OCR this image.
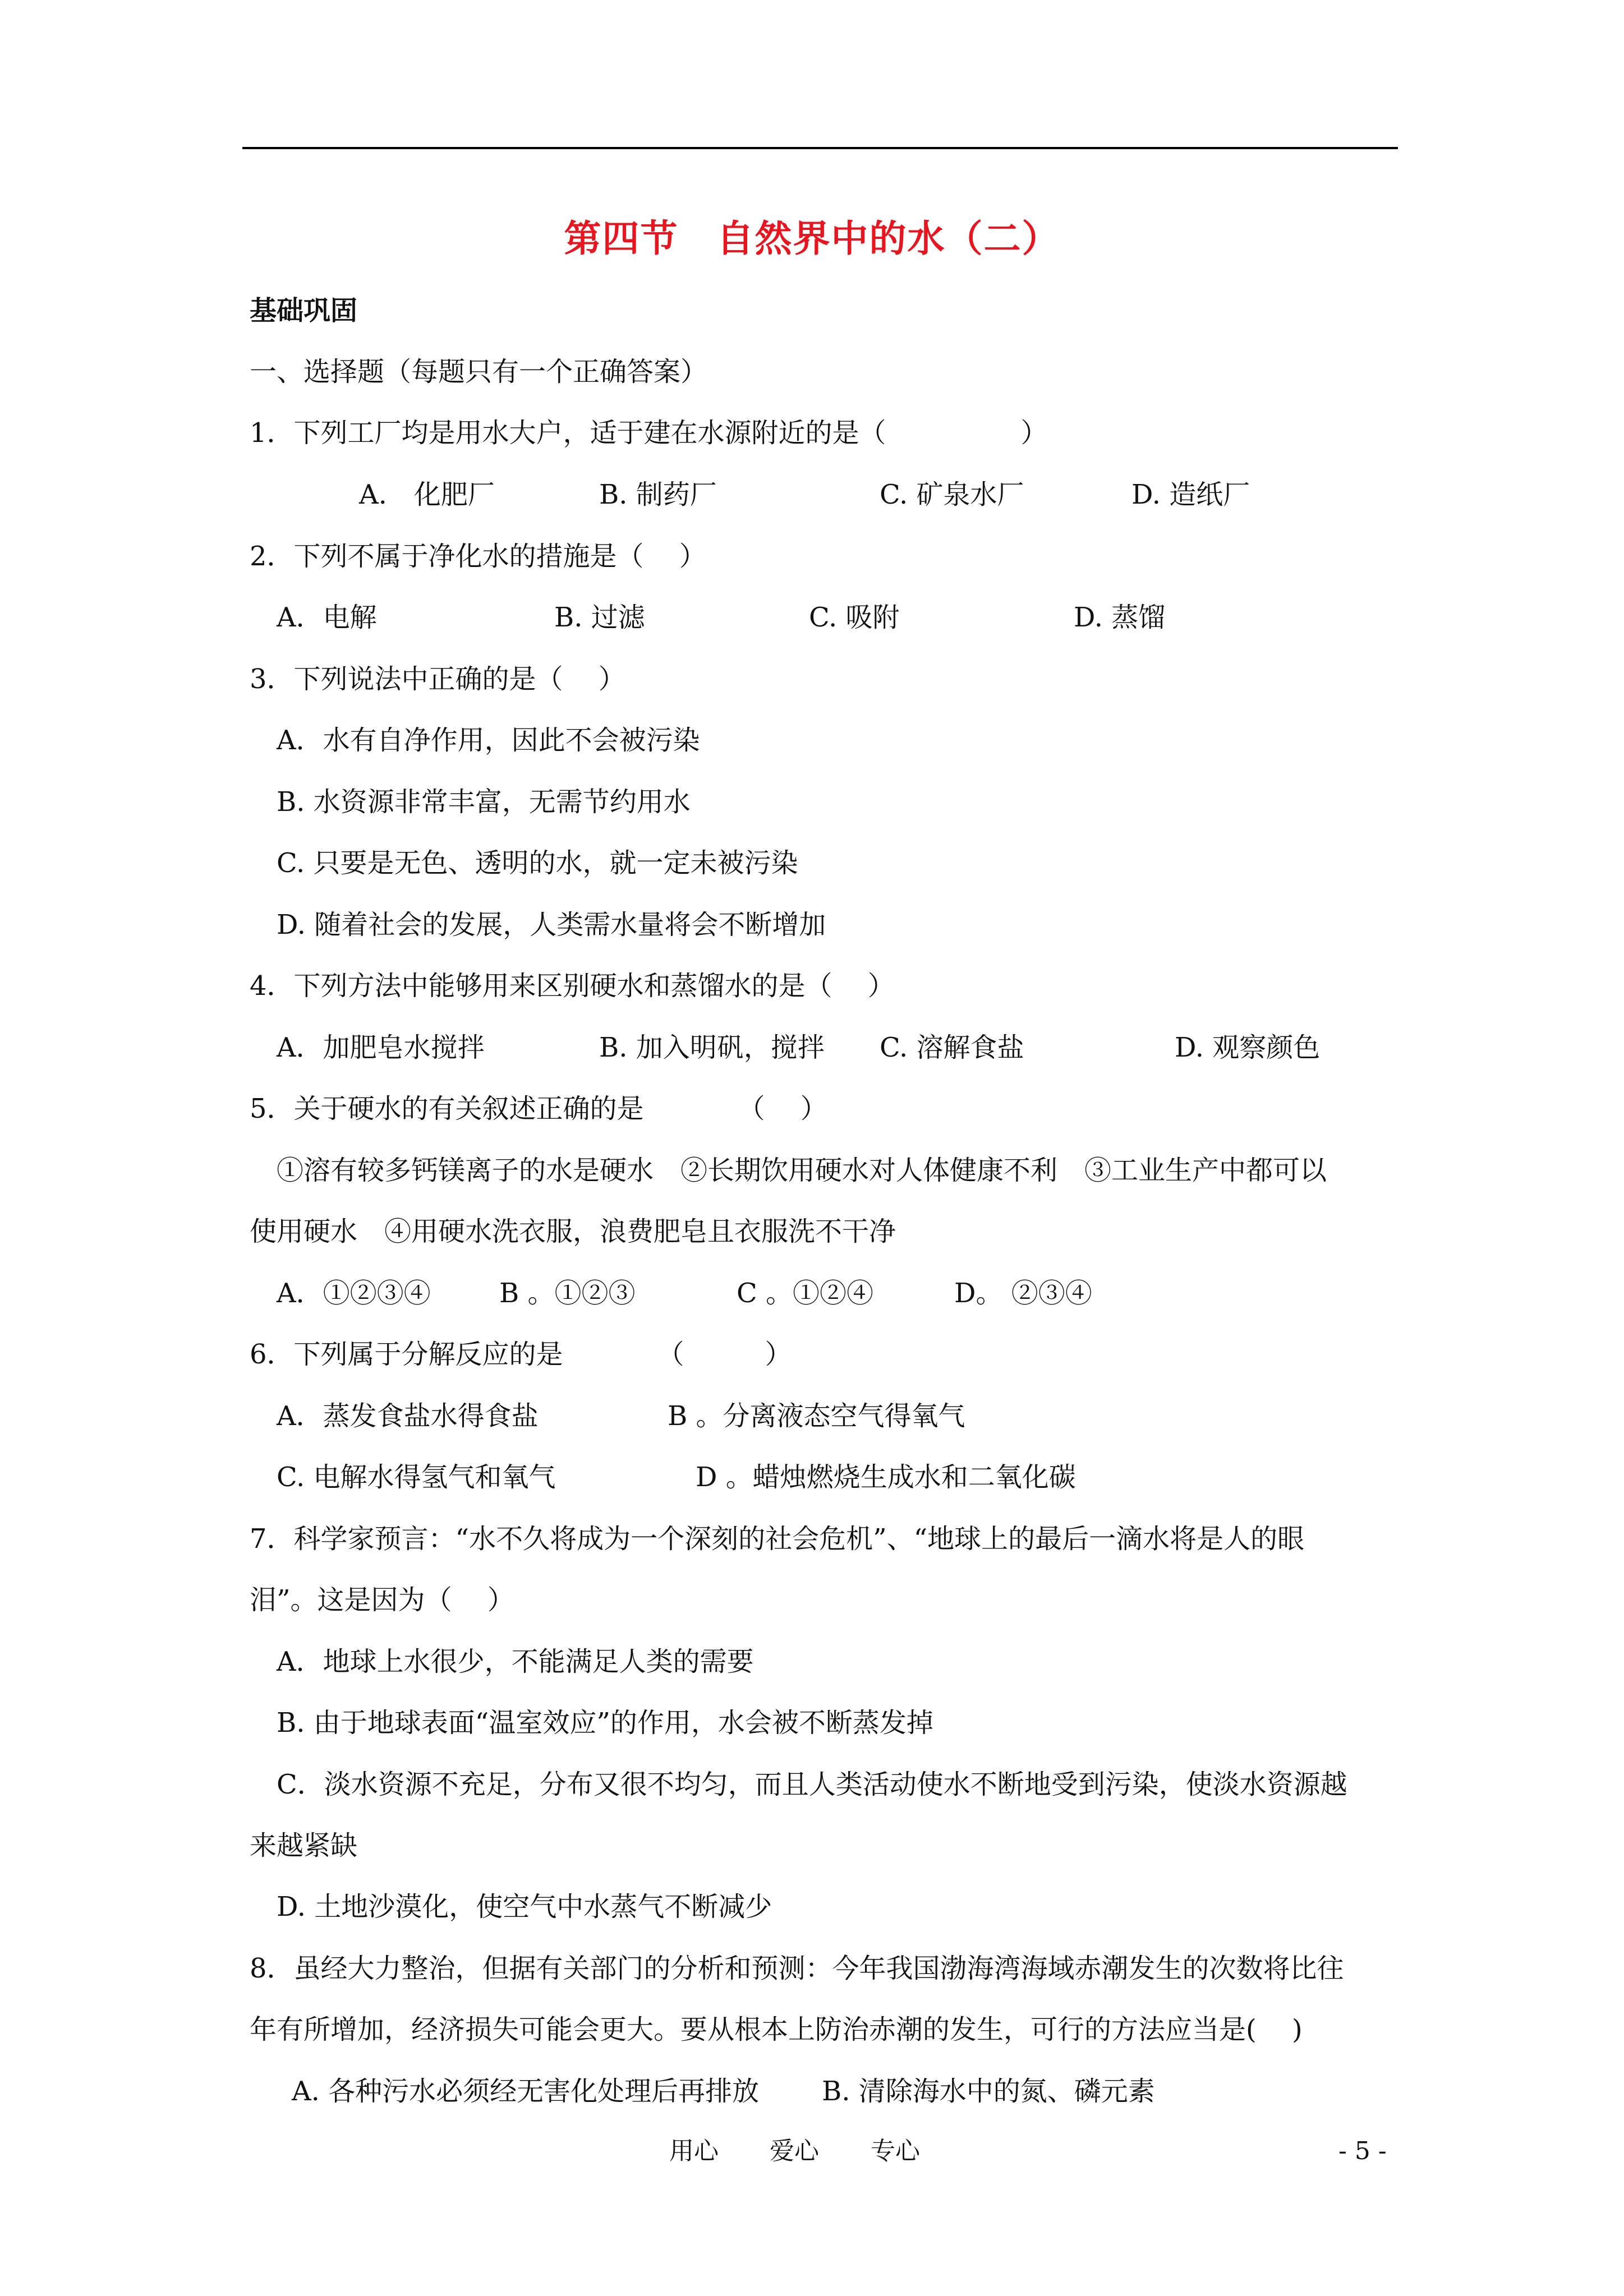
第四节　自然界中的水（二）
基础巩固
一、选择题（每题只有一个正确答案）
1．下列工厂均是用水大户，适于建在水源附近的是（　　　　　）
A.　化肥厂	B. 制药厂	C. 矿泉水厂	D. 造纸厂
2．下列不属于净化水的措施是（　 ）
A．电解	B. 过滤	C. 吸附	D. 蒸馏
3．下列说法中正确的是（　 ）
A．水有自净作用，因此不会被污染
B. 水资源非常丰富，无需节约用水
C. 只要是无色、透明的水，就一定未被污染
D. 随着社会的发展，人类需水量将会不断增加
4．下列方法中能够用来区别硬水和蒸馏水的是（　 ）
A．加肥皂水搅拌	B. 加入明矾，搅拌 C. 溶解食盐	D. 观察颜色
5．关于硬水的有关叙述正确的是　　　　（　 ）
　①溶有较多钙镁离子的水是硬水　②长期饮用硬水对人体健康不利　③工业生产中都可以
使用硬水　④用硬水洗衣服，浪费肥皂且衣服洗不干净
A．①②③④	B 。①②③	C 。①②④	D。 ②③④
6．下列属于分解反应的是　　　　（　　　）
A．蒸发食盐水得食盐	B 。分离液态空气得氧气
C. 电解水得氢气和氧气	D 。蜡烛燃烧生成水和二氧化碳
7．科学家预言：“水不久将成为一个深刻的社会危机”、“地球上的最后一滴水将是人的眼
泪”。这是因为（　 ）
A．地球上水很少，不能满足人类的需要
B. 由于地球表面“温室效应”的作用，水会被不断蒸发掉
C．淡水资源不充足，分布又很不均匀，而且人类活动使水不断地受到污染，使淡水资源越
来越紧缺
D. 土地沙漠化，使空气中水蒸气不断减少
8．虽经大力整治，但据有关部门的分析和预测：今年我国渤海湾海域赤潮发生的次数将比往
年有所增加，经济损失可能会更大。要从根本上防治赤潮的发生，可行的方法应当是(　 )
A. 各种污水必须经无害化处理后再排放 B. 清除海水中的氮、磷元素
用心 爱心 专心	- 5 -
